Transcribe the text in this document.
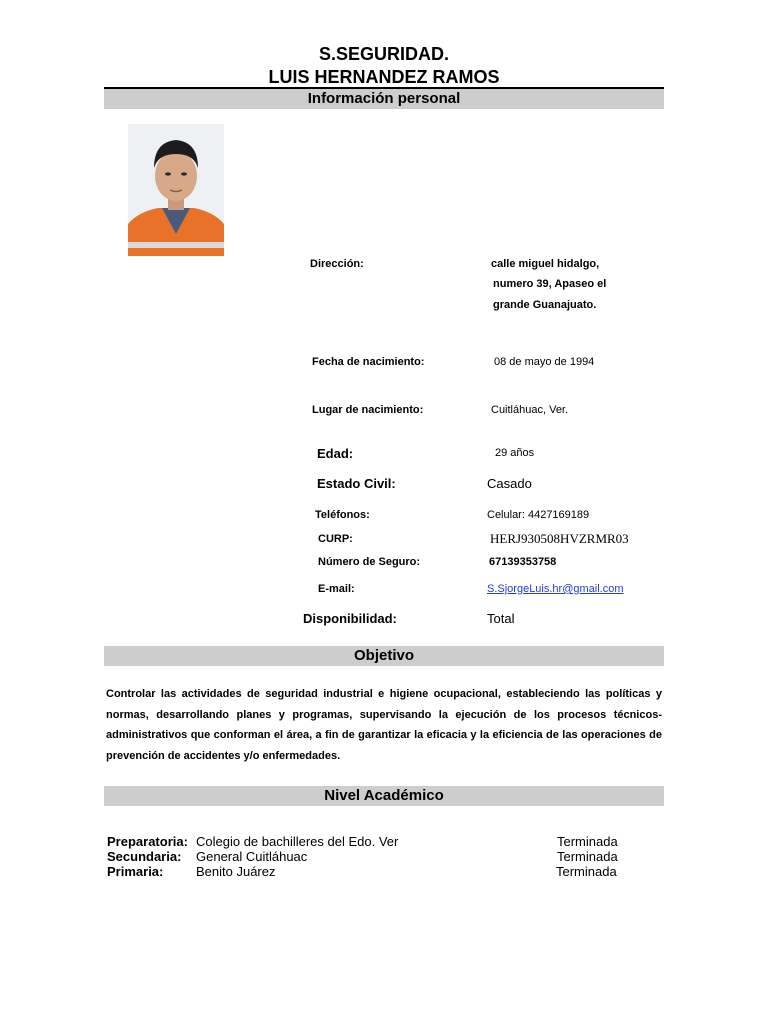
S.SEGURIDAD.
LUIS HERNANDEZ RAMOS
Información personal
Dirección:	calle miguel hidalgo,
numero 39, Apaseo el
grande Guanajuato.
Fecha de nacimiento:	08 de mayo de 1994
Lugar de nacimiento:	Cuitláhuac, Ver.
Edad:	29 años
Estado Civil:	Casado
Teléfonos:	Celular: 4427169189
CURP:	HERJ930508HVZRMR03
Número de Seguro:	67139353758
E-mail:	S.SjorgeLuis.hr@gmail.com
Disponibilidad:	Total
Objetivo
Controlar las actividades de seguridad industrial e higiene ocupacional, estableciendo las políticas y normas, desarrollando planes y programas, supervisando la ejecución de los procesos técnicos-administrativos que conforman el área, a fin de garantizar la eficacia y la eficiencia de las operaciones de prevención de accidentes y/o enfermedades.
Nivel Académico
Preparatoria: Colegio de bachilleres del Edo. Ver	Terminada
Secundaria: General Cuitláhuac	Terminada
Primaria:	Benito Juárez	Terminada
